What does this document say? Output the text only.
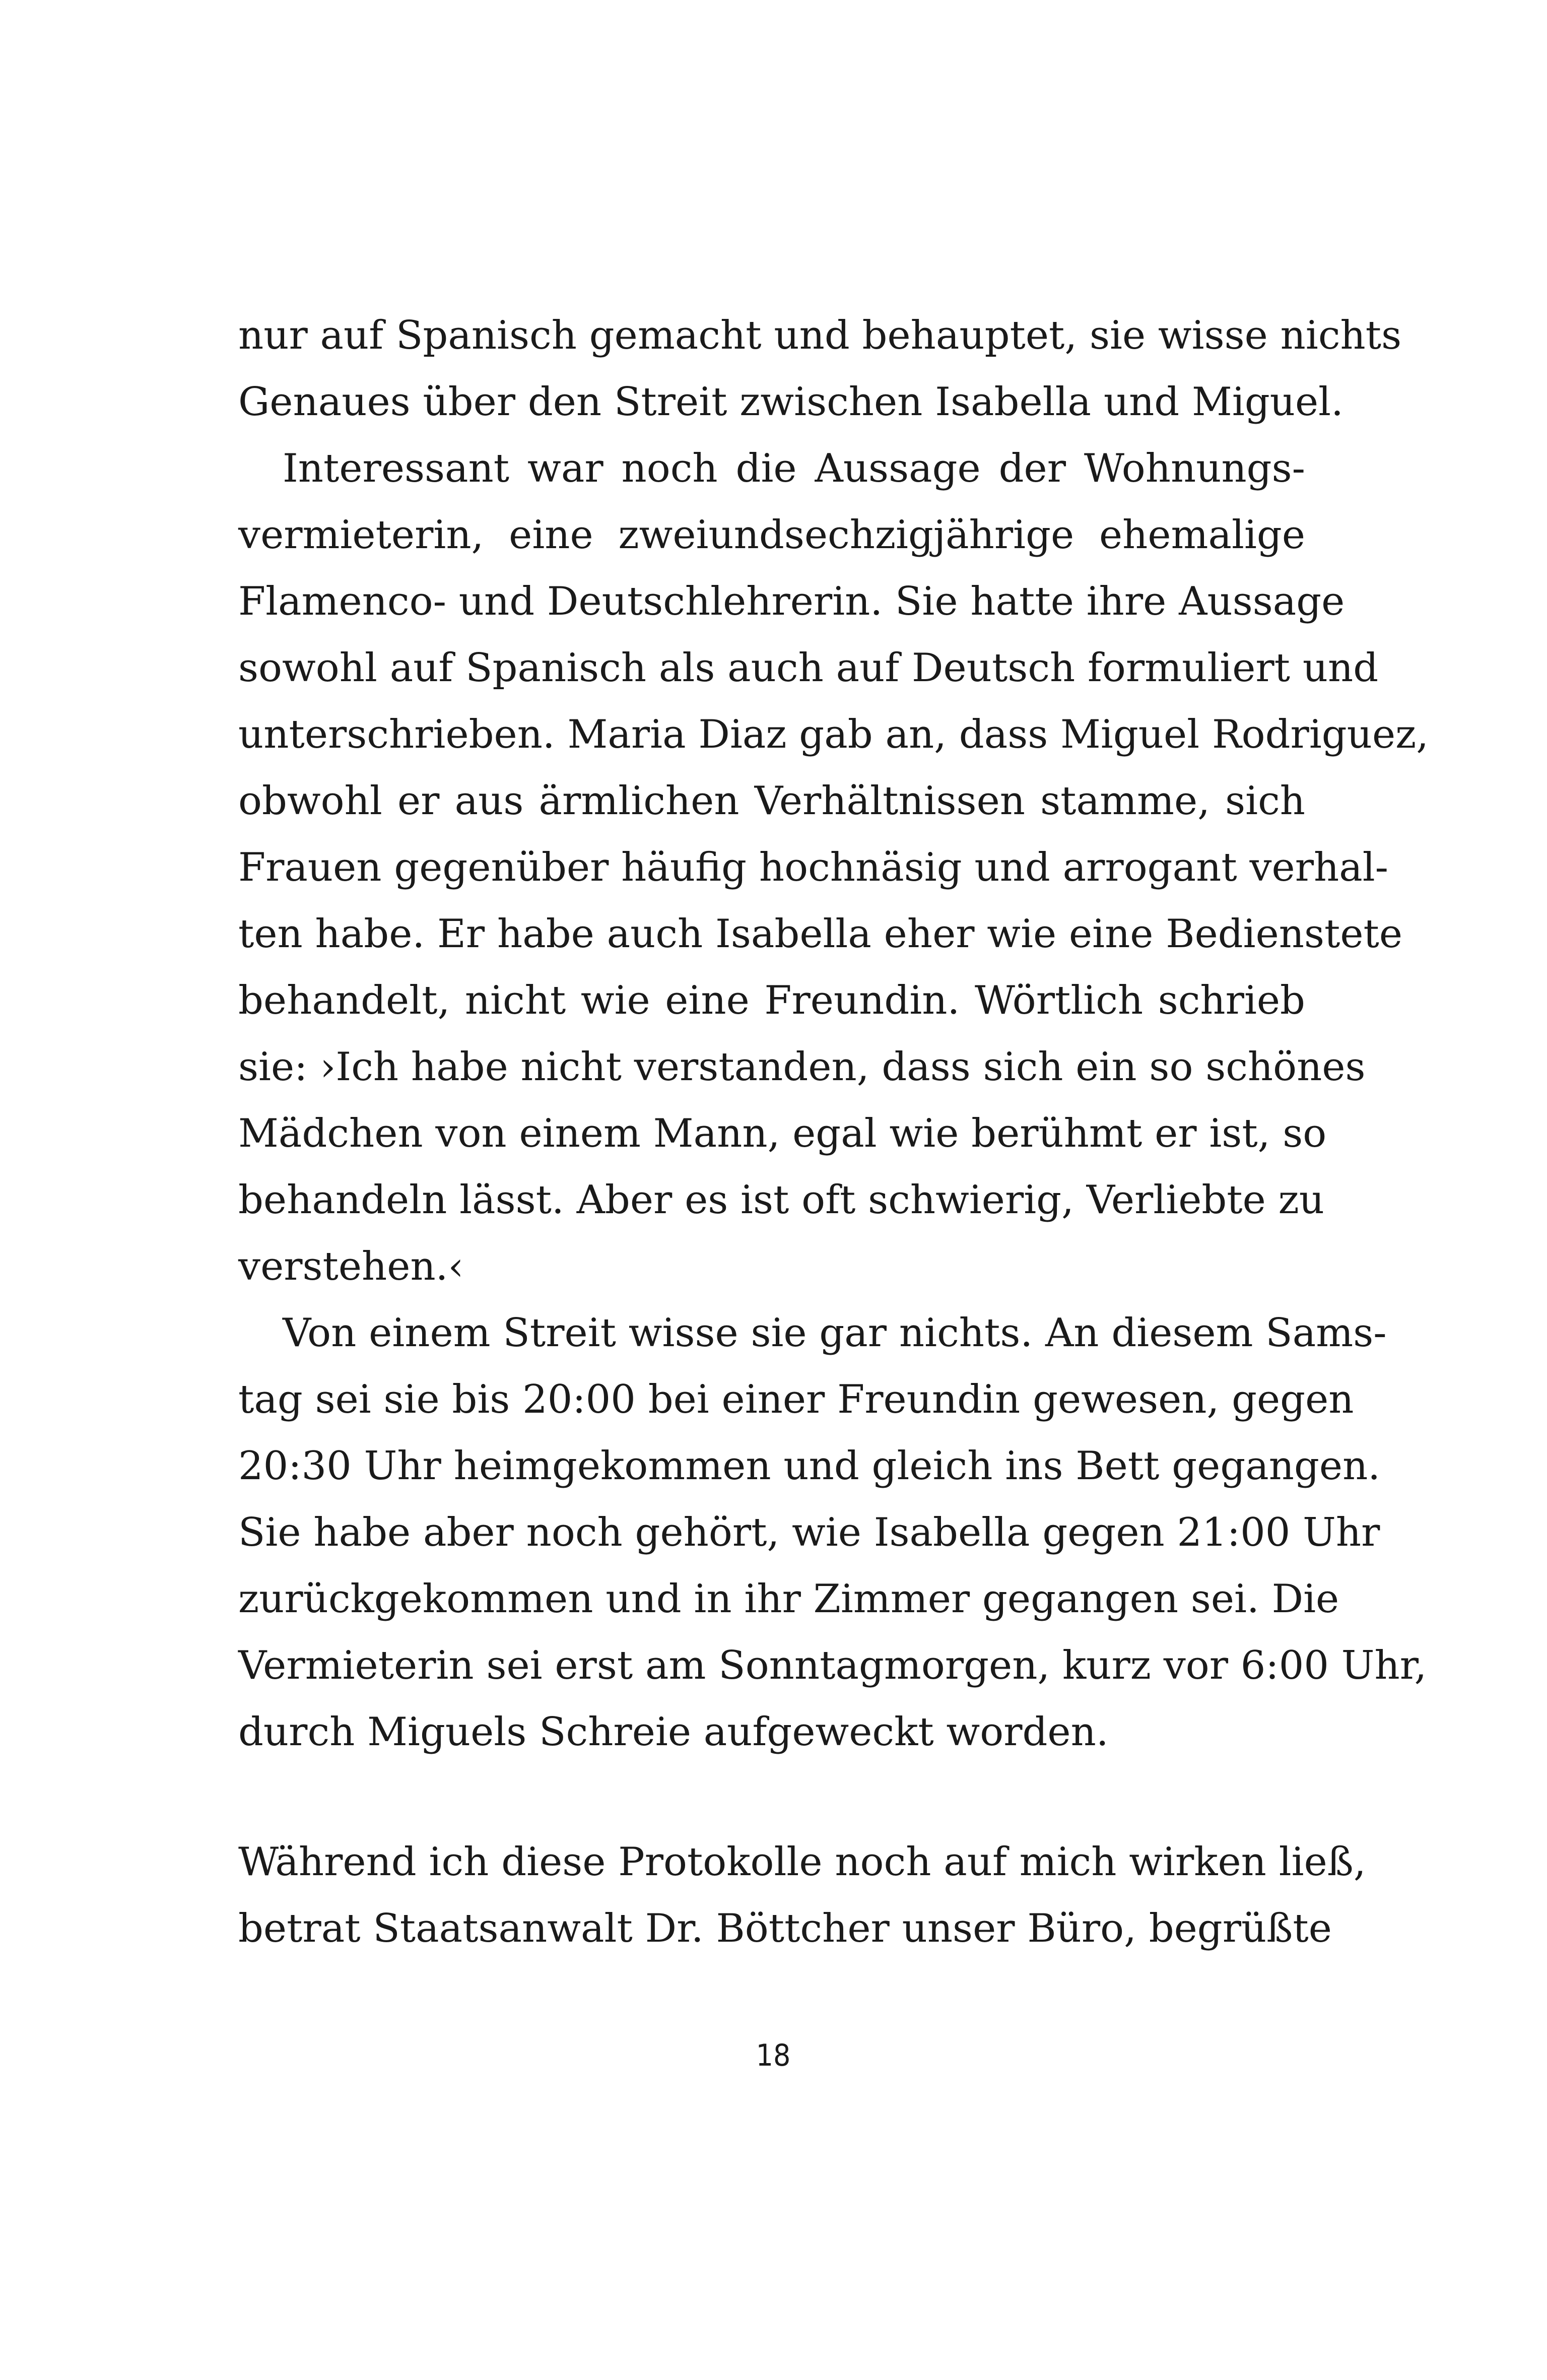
nur auf Spanisch gemacht und behauptet, sie wisse nichts
Genaues über den Streit zwischen Isabella und Miguel.
Interessant war noch die Aussage der Wohnungs-
vermieterin, eine zweiundsechzigjährige ehemalige
Flamenco- und Deutschlehrerin. Sie hatte ihre Aussage
sowohl auf Spanisch als auch auf Deutsch formuliert und
unterschrieben. Maria Diaz gab an, dass Miguel Rodriguez,
obwohl er aus ärmlichen Verhältnissen stamme, sich
Frauen gegenüber häufig hochnäsig und arrogant verhal-
ten habe. Er habe auch Isabella eher wie eine Bedienstete
behandelt, nicht wie eine Freundin. Wörtlich schrieb
sie: ›Ich habe nicht verstanden, dass sich ein so schönes
Mädchen von einem Mann, egal wie berühmt er ist, so
behandeln lässt. Aber es ist oft schwierig, Verliebte zu
verstehen.‹
Von einem Streit wisse sie gar nichts. An diesem Sams-
tag sei sie bis 20:00 bei einer Freundin gewesen, gegen
20:30 Uhr heimgekommen und gleich ins Bett gegangen.
Sie habe aber noch gehört, wie Isabella gegen 21:00 Uhr
zurückgekommen und in ihr Zimmer gegangen sei. Die
Vermieterin sei erst am Sonntagmorgen, kurz vor 6:00 Uhr,
durch Miguels Schreie aufgeweckt worden.
Während ich diese Protokolle noch auf mich wirken ließ,
betrat Staatsanwalt Dr. Böttcher unser Büro, begrüßte
18
